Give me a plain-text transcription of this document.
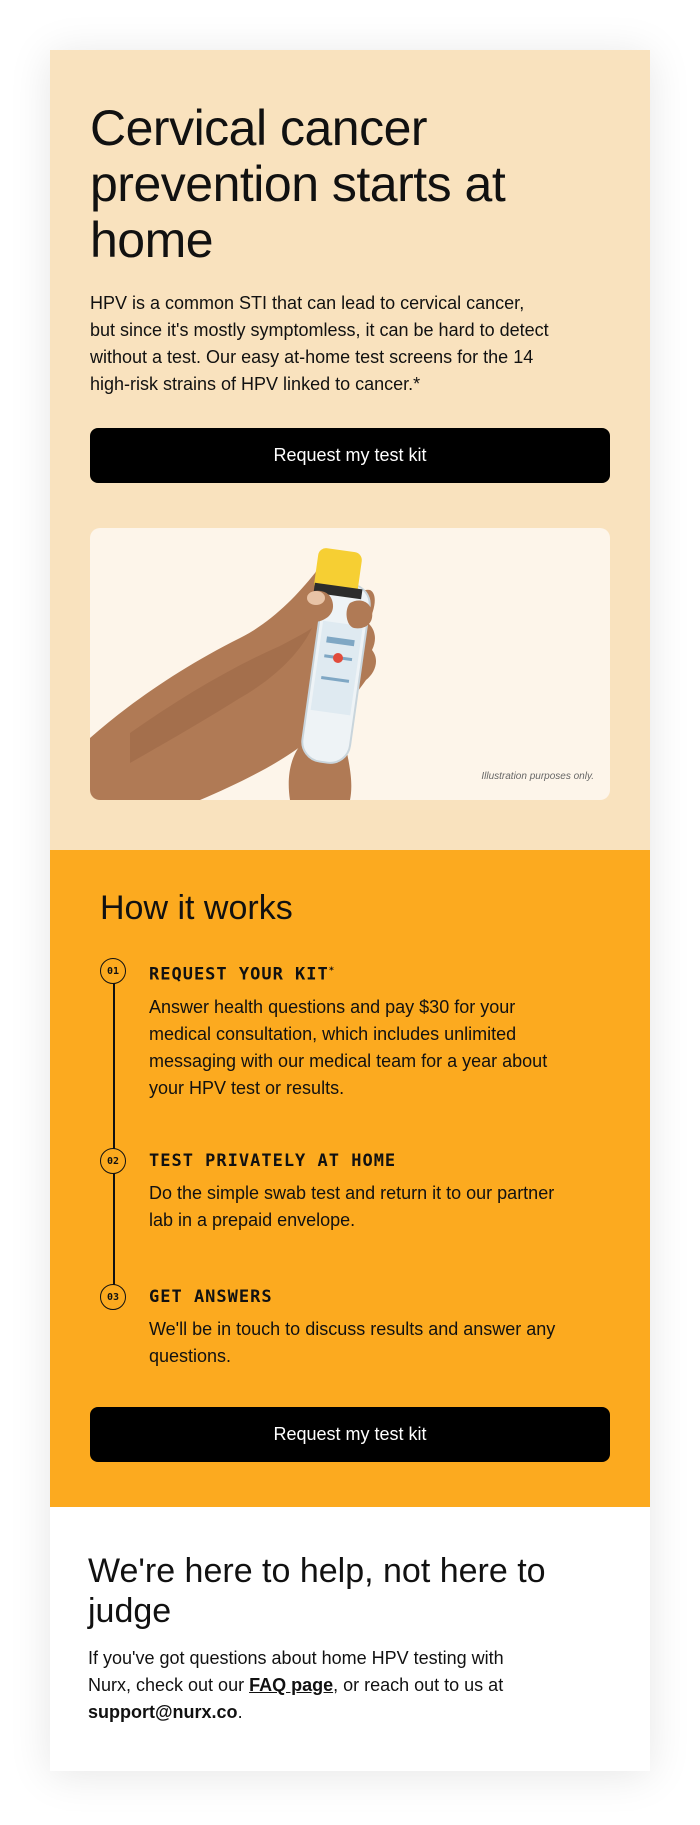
Cervical cancer prevention starts at home

HPV is a common STI that can lead to cervical cancer, but since it's mostly symptomless, it can be hard to detect without a test. Our easy at-home test screens for the 14 high-risk strains of HPV linked to cancer.*

Request my test kit
Illustration purposes only.
How it works
01	REQUEST YOUR KIT*
Answer health questions and pay $30 for your medical consultation, which includes unlimited messaging with our medical team for a year about your HPV test or results.
02	TEST PRIVATELY AT HOME
Do the simple swab test and return it to our partner lab in a prepaid envelope.
03	GET ANSWERS
We'll be in touch to discuss results and answer any questions.
Request my test kit
We're here to help, not here to judge

If you've got questions about home HPV testing with Nurx, check out our FAQ page, or reach out to us at support@nurx.co.
